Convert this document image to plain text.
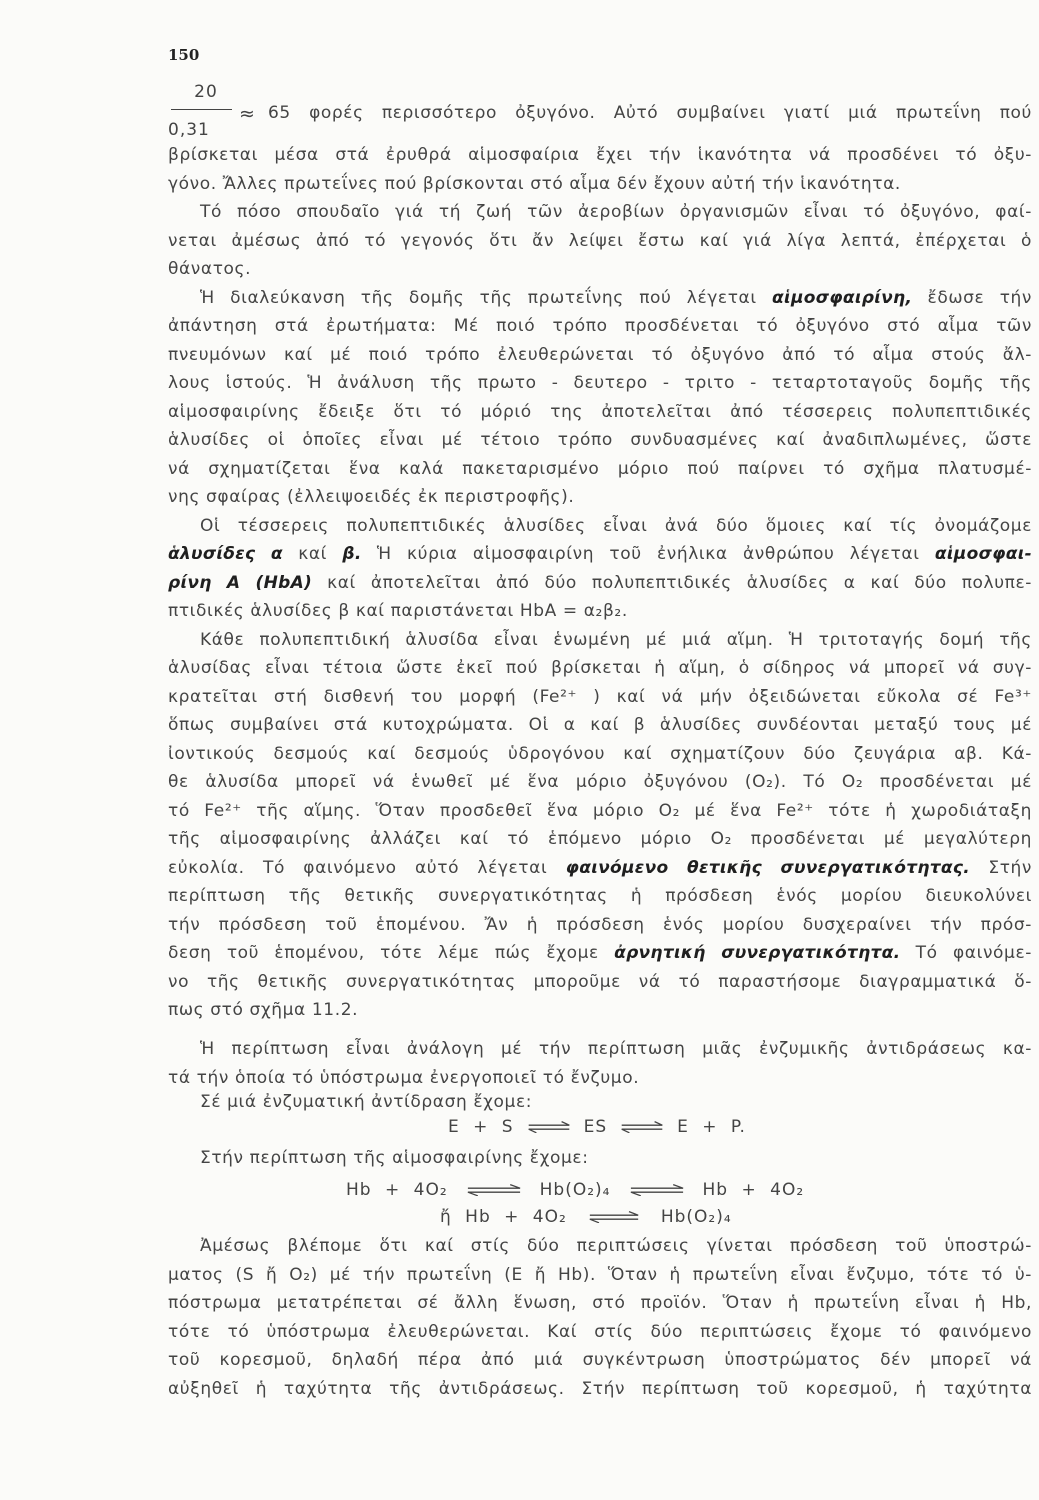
150
20
0,31
≈ 65 φορές περισσότερο ὀξυγόνο. Αὐτό συμβαίνει γιατί μιά πρωτεΐνη πού
βρίσκεται μέσα στά ἐρυθρά αἱμοσφαίρια ἔχει τήν ἱκανότητα νά προσδένει τό ὀξυ-
γόνο. Ἄλλες πρωτεΐνες πού βρίσκονται στό αἷμα δέν ἔχουν αὐτή τήν ἱκανότητα.
Τό πόσο σπουδαῖο γιά τή ζωή τῶν ἀεροβίων ὀργανισμῶν εἶναι τό ὀξυγόνο, φαί-
νεται ἀμέσως ἀπό τό γεγονός ὅτι ἄν λείψει ἔστω καί γιά λίγα λεπτά, ἐπέρχεται ὁ
θάνατος.
Ἡ διαλεύκανση τῆς δομῆς τῆς πρωτεΐνης πού λέγεται αἱμοσφαιρίνη, ἔδωσε τήν
ἀπάντηση στά ἐρωτήματα: Μέ ποιό τρόπο προσδένεται τό ὀξυγόνο στό αἷμα τῶν
πνευμόνων καί μέ ποιό τρόπο ἐλευθερώνεται τό ὀξυγόνο ἀπό τό αἷμα στούς ἄλ-
λους ἱστούς. Ἡ ἀνάλυση τῆς πρωτο - δευτερο - τριτο - τεταρτοταγοῦς δομῆς τῆς
αἱμοσφαιρίνης ἔδειξε ὅτι τό μόριό της ἀποτελεῖται ἀπό τέσσερεις πολυπεπτιδικές
ἁλυσίδες οἱ ὁποῖες εἶναι μέ τέτοιο τρόπο συνδυασμένες καί ἀναδιπλωμένες, ὥστε
νά σχηματίζεται ἕνα καλά πακεταρισμένο μόριο πού παίρνει τό σχῆμα πλατυσμέ-
νης σφαίρας (ἐλλειψοειδές ἐκ περιστροφῆς).
Οἱ τέσσερεις πολυπεπτιδικές ἁλυσίδες εἶναι ἀνά δύο ὅμοιες καί τίς ὀνομάζομε
ἁλυσίδες α καί β. Ἡ κύρια αἱμοσφαιρίνη τοῦ ἐνήλικα ἀνθρώπου λέγεται αἱμοσφαι-
ρίνη A (HbA) καί ἀποτελεῖται ἀπό δύο πολυπεπτιδικές ἁλυσίδες α καί δύο πολυπε-
πτιδικές ἁλυσίδες β καί παριστάνεται HbA = α₂β₂.
Κάθε πολυπεπτιδική ἁλυσίδα εἶναι ἑνωμένη μέ μιά αἵμη. Ἡ τριτοταγής δομή τῆς
ἁλυσίδας εἶναι τέτοια ὥστε ἐκεῖ πού βρίσκεται ἡ αἵμη, ὁ σίδηρος νά μπορεῖ νά συγ-
κρατεῖται στή δισθενή του μορφή (Fe²⁺ ) καί νά μήν ὀξειδώνεται εὔκολα σέ Fe³⁺
ὅπως συμβαίνει στά κυτοχρώματα. Οἱ α καί β ἁλυσίδες συνδέονται μεταξύ τους μέ
ἰοντικούς δεσμούς καί δεσμούς ὑδρογόνου καί σχηματίζουν δύο ζευγάρια αβ. Κά-
θε ἁλυσίδα μπορεῖ νά ἑνωθεῖ μέ ἕνα μόριο ὀξυγόνου (O₂). Τό O₂ προσδένεται μέ
τό Fe²⁺ τῆς αἵμης. Ὅταν προσδεθεῖ ἕνα μόριο O₂ μέ ἕνα Fe²⁺ τότε ἡ χωροδιάταξη
τῆς αἱμοσφαιρίνης ἀλλάζει καί τό ἑπόμενο μόριο O₂ προσδένεται μέ μεγαλύτερη
εὐκολία. Τό φαινόμενο αὐτό λέγεται φαινόμενο θετικῆς συνεργατικότητας. Στήν
περίπτωση τῆς θετικῆς συνεργατικότητας ἡ πρόσδεση ἑνός μορίου διευκολύνει
τήν πρόσδεση τοῦ ἑπομένου. Ἄν ἡ πρόσδεση ἑνός μορίου δυσχεραίνει τήν πρόσ-
δεση τοῦ ἑπομένου, τότε λέμε πώς ἔχομε ἀρνητική συνεργατικότητα. Τό φαινόμε-
νο τῆς θετικῆς συνεργατικότητας μποροῦμε νά τό παραστήσομε διαγραμματικά ὅ-
πως στό σχῆμα 11.2.
Ἡ περίπτωση εἶναι ἀνάλογη μέ τήν περίπτωση μιᾶς ἐνζυμικῆς ἀντιδράσεως κα-
τά τήν ὁποία τό ὑπόστρωμα ἐνεργοποιεῖ τό ἔνζυμο.
Σέ μιά ἐνζυματική ἀντίδραση ἔχομε:
E + S ⇌ ES ⇌ E + P.
Στήν περίπτωση τῆς αἱμοσφαιρίνης ἔχομε:
Hb + 4O₂ ⇌ Hb(O₂)₄ ⇌ Hb + 4O₂
ἤ Hb + 4O₂ ⇌ Hb(O₂)₄
Ἀμέσως βλέπομε ὅτι καί στίς δύο περιπτώσεις γίνεται πρόσδεση τοῦ ὑποστρώ-
ματος (S ἤ O₂) μέ τήν πρωτεΐνη (E ἤ Hb). Ὅταν ἡ πρωτεΐνη εἶναι ἔνζυμο, τότε τό ὑ-
πόστρωμα μετατρέπεται σέ ἄλλη ἕνωση, στό προϊόν. Ὅταν ἡ πρωτεΐνη εἶναι ἡ Hb,
τότε τό ὑπόστρωμα ἐλευθερώνεται. Καί στίς δύο περιπτώσεις ἔχομε τό φαινόμενο
τοῦ κορεσμοῦ, δηλαδή πέρα ἀπό μιά συγκέντρωση ὑποστρώματος δέν μπορεῖ νά
αὐξηθεῖ ἡ ταχύτητα τῆς ἀντιδράσεως. Στήν περίπτωση τοῦ κορεσμοῦ, ἡ ταχύτητα
